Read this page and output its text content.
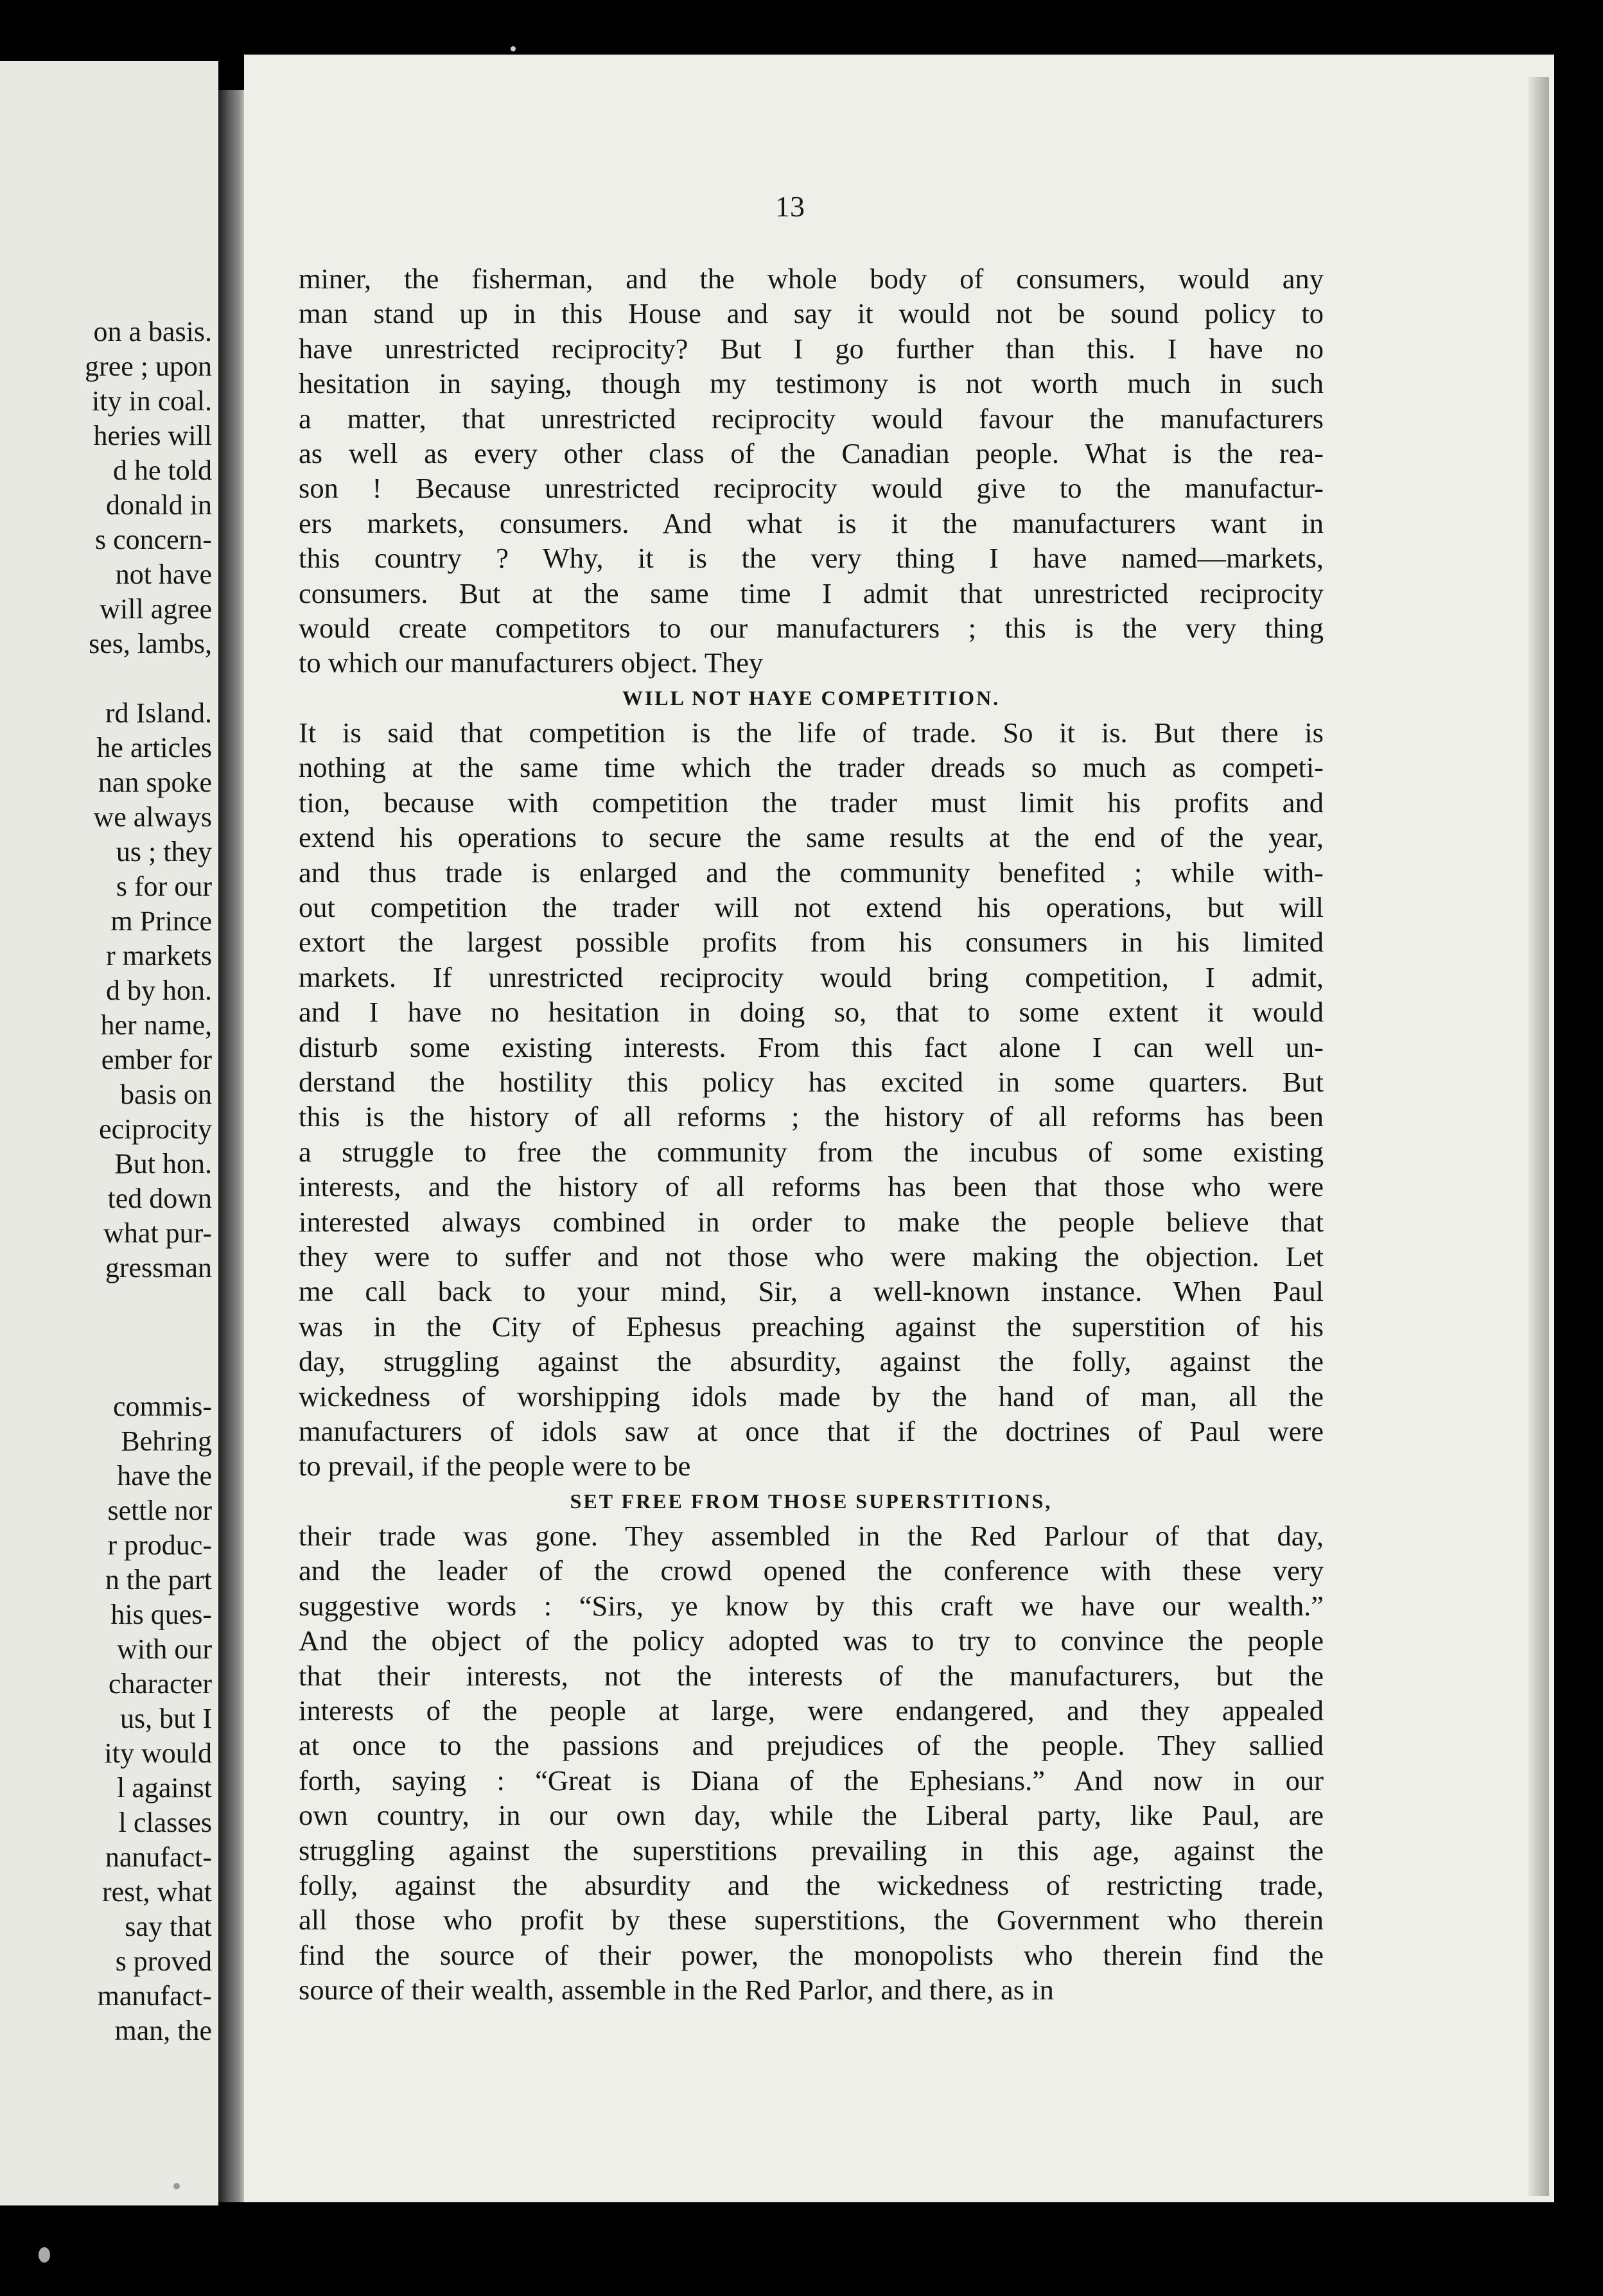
on a basis.
gree ; upon
ity in coal.
heries will
d he told
donald in
s concern-
not have
will agree
ses, lambs,
rd Island.
he articles
nan spoke
we always
us ; they
s for our
m Prince
r markets
d by hon.
her name,
ember for
basis on
eciprocity
But hon.
ted down
what pur-
gressman
commis-
Behring
have the
settle nor
r produc-
n the part
his ques-
with our
character
us, but I
ity would
l against
l classes
nanufact-
rest, what
say that
s proved
manufact-
man, the
13
miner, the fisherman, and the whole body of consumers, would any
man stand up in this House and say it would not be sound policy to
have unrestricted reciprocity? But I go further than this. I have no
hesitation in saying, though my testimony is not worth much in such
a matter, that unrestricted reciprocity would favour the manufacturers
as well as every other class of the Canadian people. What is the rea-
son ! Because unrestricted reciprocity would give to the manufactur-
ers markets, consumers. And what is it the manufacturers want in
this country ? Why, it is the very thing I have named—markets,
consumers. But at the same time I admit that unrestricted reciprocity
would create competitors to our manufacturers ; this is the very thing
to which our manufacturers object. They
WILL NOT HAYE COMPETITION.
It is said that competition is the life of trade. So it is. But there is
nothing at the same time which the trader dreads so much as competi-
tion, because with competition the trader must limit his profits and
extend his operations to secure the same results at the end of the year,
and thus trade is enlarged and the community benefited ; while with-
out competition the trader will not extend his operations, but will
extort the largest possible profits from his consumers in his limited
markets. If unrestricted reciprocity would bring competition, I admit,
and I have no hesitation in doing so, that to some extent it would
disturb some existing interests. From this fact alone I can well un-
derstand the hostility this policy has excited in some quarters. But
this is the history of all reforms ; the history of all reforms has been
a struggle to free the community from the incubus of some existing
interests, and the history of all reforms has been that those who were
interested always combined in order to make the people believe that
they were to suffer and not those who were making the objection. Let
me call back to your mind, Sir, a well-known instance. When Paul
was in the City of Ephesus preaching against the superstition of his
day, struggling against the absurdity, against the folly, against the
wickedness of worshipping idols made by the hand of man, all the
manufacturers of idols saw at once that if the doctrines of Paul were
to prevail, if the people were to be
SET FREE FROM THOSE SUPERSTITIONS,
their trade was gone. They assembled in the Red Parlour of that day,
and the leader of the crowd opened the conference with these very
suggestive words : “Sirs, ye know by this craft we have our wealth.”
And the object of the policy adopted was to try to convince the people
that their interests, not the interests of the manufacturers, but the
interests of the people at large, were endangered, and they appealed
at once to the passions and prejudices of the people. They sallied
forth, saying : “Great is Diana of the Ephesians.” And now in our
own country, in our own day, while the Liberal party, like Paul, are
struggling against the superstitions prevailing in this age, against the
folly, against the absurdity and the wickedness of restricting trade,
all those who profit by these superstitions, the Government who therein
find the source of their power, the monopolists who therein find the
source of their wealth, assemble in the Red Parlor, and there, as in
